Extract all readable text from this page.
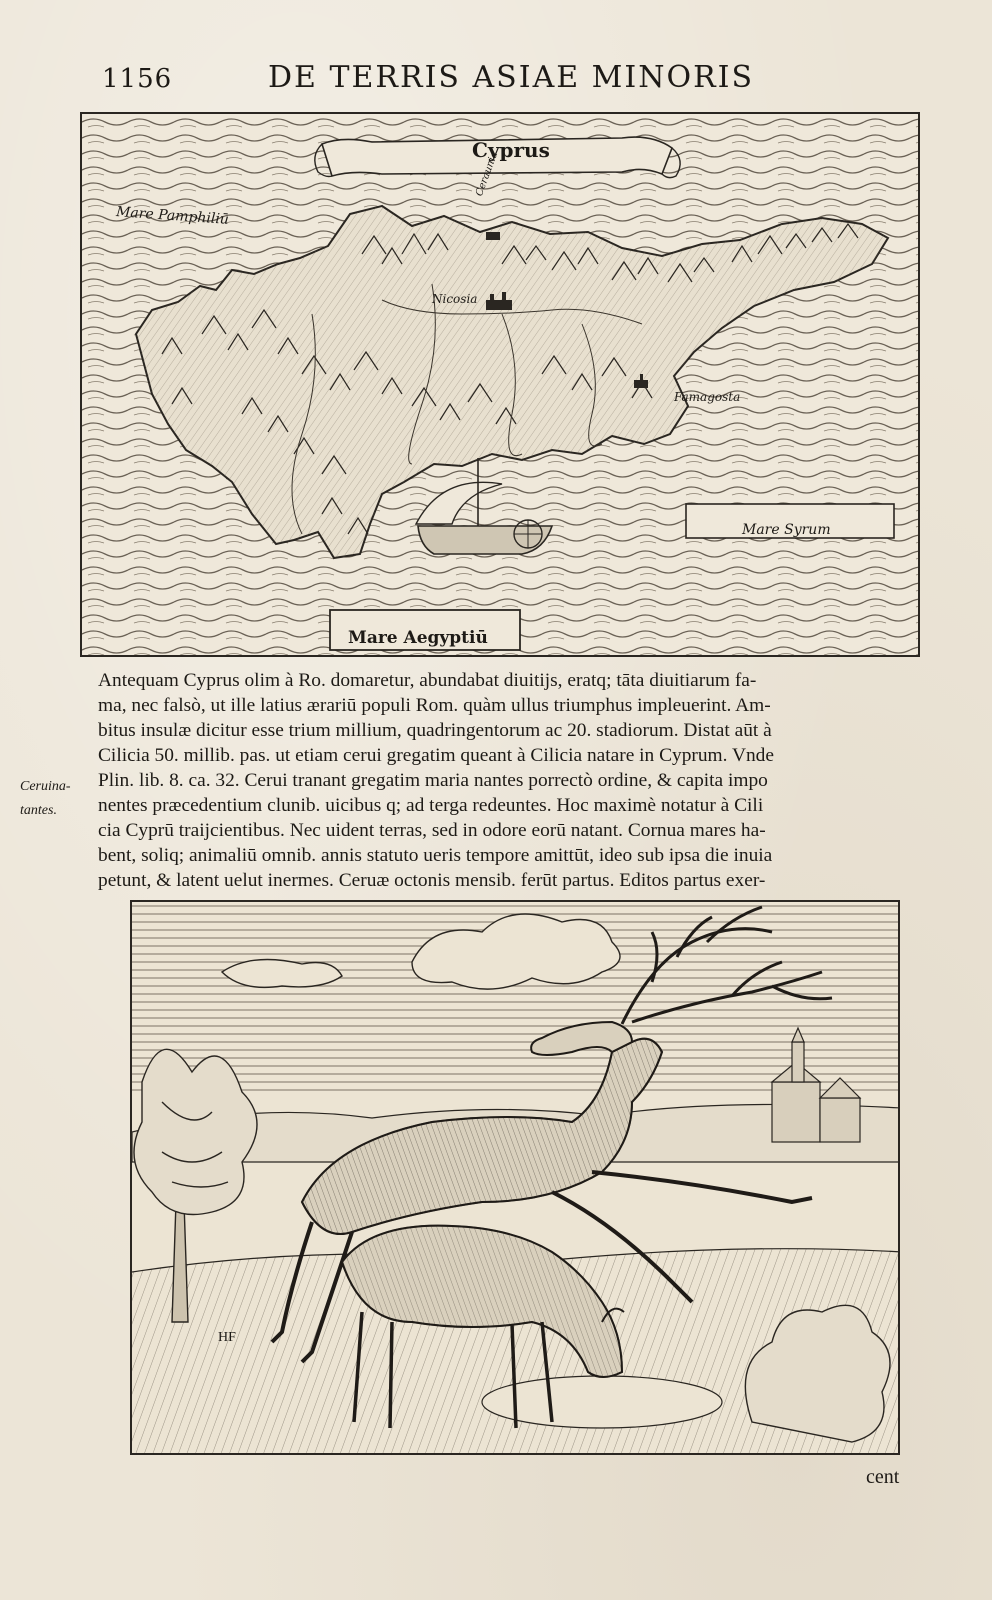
1156	DE TERRIS ASIAE MINORIS
Cyprus
Mare Pamphiliū
Ceraunia
Nicosia
Famagosta
Mare Syrum
Mare Aegyptiū
Antequam Cyprus olim à Ro. domaretur, abundabat diuitijs, eratq; tāta diuitiarum fa-
ma, nec falsò, ut ille latius ærariū populi Rom. quàm ullus triumphus impleuerint. Am-
bitus insulæ dicitur esse trium millium, quadringentorum ac 20. stadiorum. Distat aūt à
Cilicia 50. millib. pas. ut etiam cerui gregatim queant à Cilicia natare in Cyprum. Vnde
Plin. lib. 8. ca. 32. Cerui tranant gregatim maria nantes porrectò ordine, & capita impo
nentes præcedentium clunib. uicibus q; ad terga redeuntes. Hoc maximè notatur à Cili
cia Cyprū traijcientibus. Nec uident terras, sed in odore eorū natant. Cornua mares ha-
bent, soliq; animaliū omnib. annis statuto ueris tempore amittūt, ideo sub ipsa die inuia
petunt, & latent uelut inermes. Ceruæ octonis mensib. ferūt partus. Editos partus exer-
Ceruina-
tantes.
HF
cent
